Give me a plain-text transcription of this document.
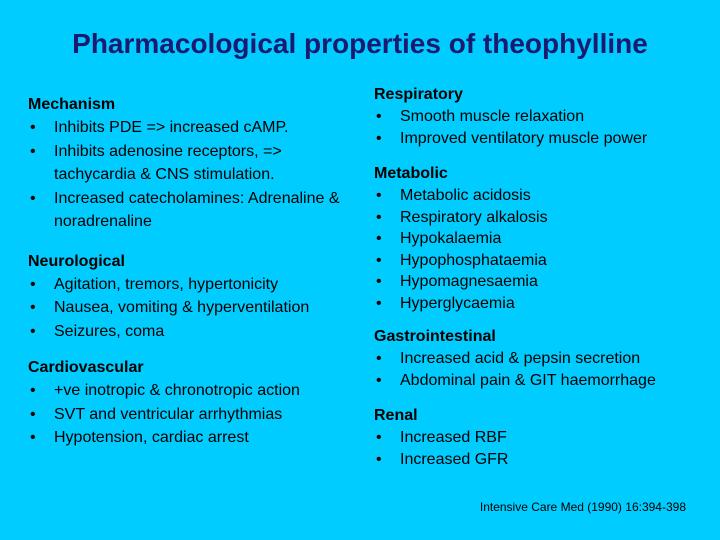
Pharmacological properties of theophylline
Mechanism
• Inhibits PDE => increased cAMP.
• Inhibits adenosine receptors, => tachycardia & CNS stimulation.
• Increased catecholamines: Adrenaline & noradrenaline
Neurological
• Agitation, tremors, hypertonicity
• Nausea, vomiting & hyperventilation
• Seizures, coma
Cardiovascular
• +ve inotropic & chronotropic action
• SVT and ventricular arrhythmias
• Hypotension, cardiac arrest
Respiratory
• Smooth muscle relaxation
• Improved ventilatory muscle power
Metabolic
• Metabolic acidosis
• Respiratory alkalosis
• Hypokalaemia
• Hypophosphataemia
• Hypomagnesaemia
• Hyperglycaemia
Gastrointestinal
• Increased acid & pepsin secretion
• Abdominal pain & GIT haemorrhage
Renal
• Increased RBF
• Increased GFR
Intensive Care Med (1990) 16:394-398
